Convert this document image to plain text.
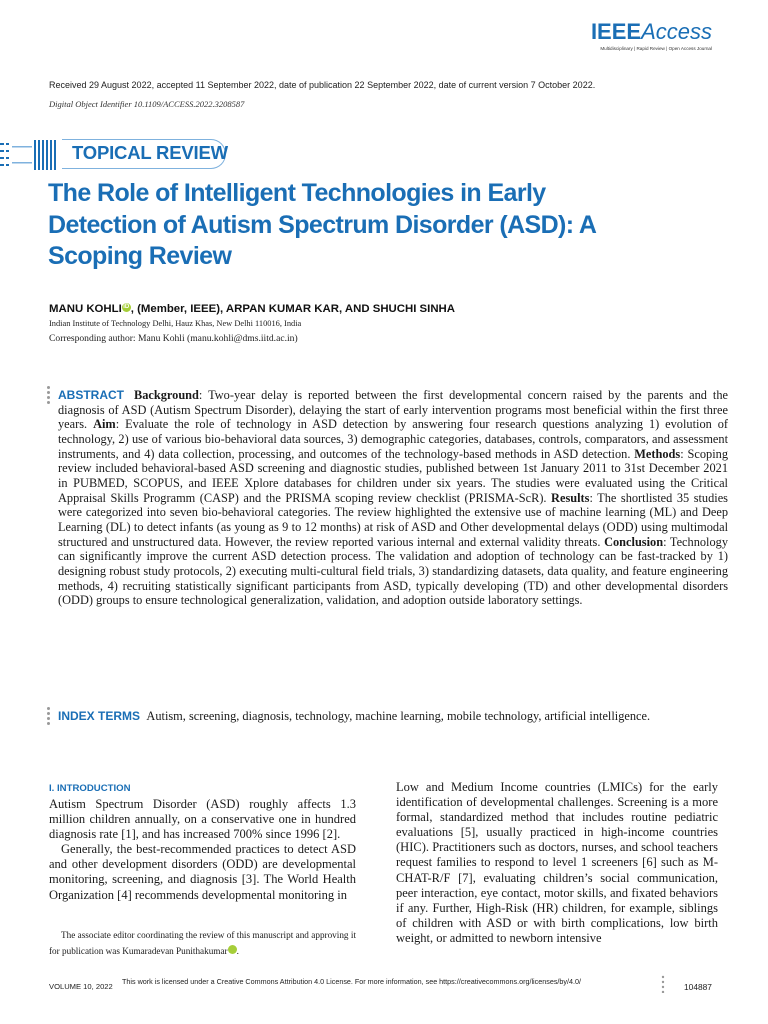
IEEEAccess
Multidisciplinary | Rapid Review | Open Access Journal
Received 29 August 2022, accepted 11 September 2022, date of publication 22 September 2022, date of current version 7 October 2022.
Digital Object Identifier 10.1109/ACCESS.2022.3208587
TOPICAL REVIEW
The Role of Intelligent Technologies in Early Detection of Autism Spectrum Disorder (ASD): A Scoping Review
MANU KOHLI iD , (Member, IEEE), ARPAN KUMAR KAR, AND SHUCHI SINHA
Indian Institute of Technology Delhi, Hauz Khas, New Delhi 110016, India
Corresponding author: Manu Kohli (manu.kohli@dms.iitd.ac.in)

ABSTRACT Background: Two-year delay is reported between the first developmental concern raised by the parents and the diagnosis of ASD (Autism Spectrum Disorder), delaying the start of early intervention programs most beneficial within the first three years. Aim: Evaluate the role of technology in ASD detection by answering four research questions analyzing 1) evolution of technology, 2) use of various bio-behavioral data sources, 3) demographic categories, databases, controls, comparators, and assessment instruments, and 4) data collection, processing, and outcomes of the technology-based methods in ASD detection. Methods: Scoping review included behavioral-based ASD screening and diagnostic studies, published between 1st January 2011 to 31st December 2021 in PUBMED, SCOPUS, and IEEE Xplore databases for children under six years. The studies were evaluated using the Critical Appraisal Skills Programm (CASP) and the PRISMA scoping review checklist (PRISMA-ScR). Results: The shortlisted 35 studies were categorized into seven bio-behavioral categories. The review highlighted the extensive use of machine learning (ML) and Deep Learning (DL) to detect infants (as young as 9 to 12 months) at risk of ASD and Other developmental delays (ODD) using multimodal structured and unstructured data. However, the review reported various internal and external validity threats. Conclusion: Technology can significantly improve the current ASD detection process. The validation and adoption of technology can be fast-tracked by 1) designing robust study protocols, 2) executing multi-cultural field trials, 3) standardizing datasets, data quality, and feature engineering methods, 4) recruiting statistically significant participants from ASD, typically developing (TD) and other developmental disorders (ODD) groups to ensure technological generalization, validation, and adoption outside laboratory settings.

INDEX TERMS Autism, screening, diagnosis, technology, machine learning, mobile technology, artificial intelligence.

I. INTRODUCTION

Autism Spectrum Disorder (ASD) roughly affects 1.3 million children annually, on a conservative one in hundred diagnosis rate [1], and has increased 700% since 1996 [2].

Generally, the best-recommended practices to detect ASD and other development disorders (ODD) are developmental monitoring, screening, and diagnosis [3]. The World Health Organization [4] recommends developmental monitoring in

The associate editor coordinating the review of this manuscript and approving it for publication was Kumaradevan Punithakumar iD.

Low and Medium Income countries (LMICs) for the early identification of developmental challenges. Screening is a more formal, standardized method that includes routine pediatric evaluations [5], usually practiced in high-income countries (HIC). Practitioners such as doctors, nurses, and school teachers request families to respond to level 1 screeners [6] such as M-CHAT-R/F [7], evaluating children’s social communication, peer interaction, eye contact, motor skills, and fixated behaviors if any. Further, High-Risk (HR) children, for example, siblings of children with ASD or with birth complications, low birth weight, or admitted to newborn intensive

VOLUME 10, 2022
This work is licensed under a Creative Commons Attribution 4.0 License. For more information, see https://creativecommons.org/licenses/by/4.0/
104887
